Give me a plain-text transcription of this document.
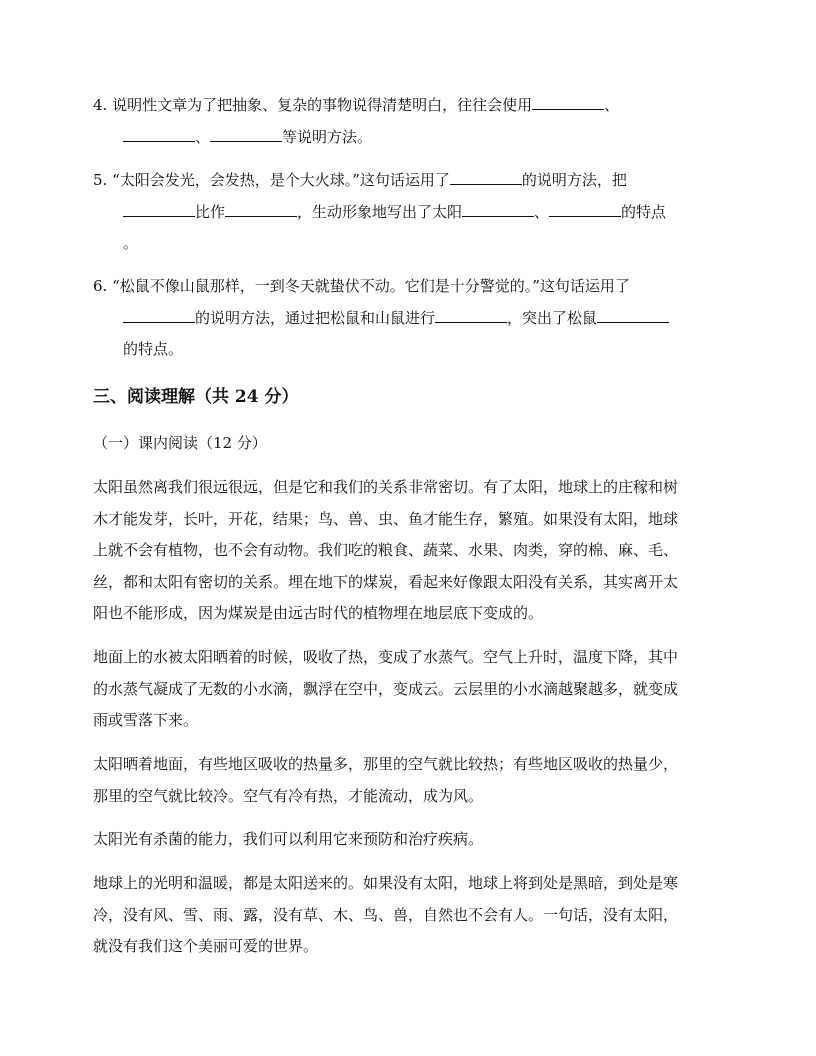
4. 说明性文章为了把抽象、复杂的事物说得清楚明白，往往会使用	、
、	等说明方法。
5. “太阳会发光，会发热，是个大火球。”这句话运用了	的说明方法，把
比作	，生动形象地写出了太阳	、	的特点
。
6. “松鼠不像山鼠那样，一到冬天就蛰伏不动。它们是十分警觉的。”这句话运用了
的说明方法，通过把松鼠和山鼠进行	，突出了松鼠
的特点。
三、阅读理解（共 24 分）
（一）课内阅读（12 分）
太阳虽然离我们很远很远，但是它和我们的关系非常密切。有了太阳，地球上的庄稼和树
木才能发芽，长叶，开花，结果；鸟、兽、虫、鱼才能生存，繁殖。如果没有太阳，地球
上就不会有植物，也不会有动物。我们吃的粮食、蔬菜、水果、肉类，穿的棉、麻、毛、
丝，都和太阳有密切的关系。埋在地下的煤炭，看起来好像跟太阳没有关系，其实离开太
阳也不能形成，因为煤炭是由远古时代的植物埋在地层底下变成的。
地面上的水被太阳晒着的时候，吸收了热，变成了水蒸气。空气上升时，温度下降，其中
的水蒸气凝成了无数的小水滴，飘浮在空中，变成云。云层里的小水滴越聚越多，就变成
雨或雪落下来。
太阳晒着地面，有些地区吸收的热量多，那里的空气就比较热；有些地区吸收的热量少，
那里的空气就比较冷。空气有冷有热，才能流动，成为风。
太阳光有杀菌的能力，我们可以利用它来预防和治疗疾病。
地球上的光明和温暖，都是太阳送来的。如果没有太阳，地球上将到处是黑暗，到处是寒
冷，没有风、雪、雨、露，没有草、木、鸟、兽，自然也不会有人。一句话，没有太阳，
就没有我们这个美丽可爱的世界。
